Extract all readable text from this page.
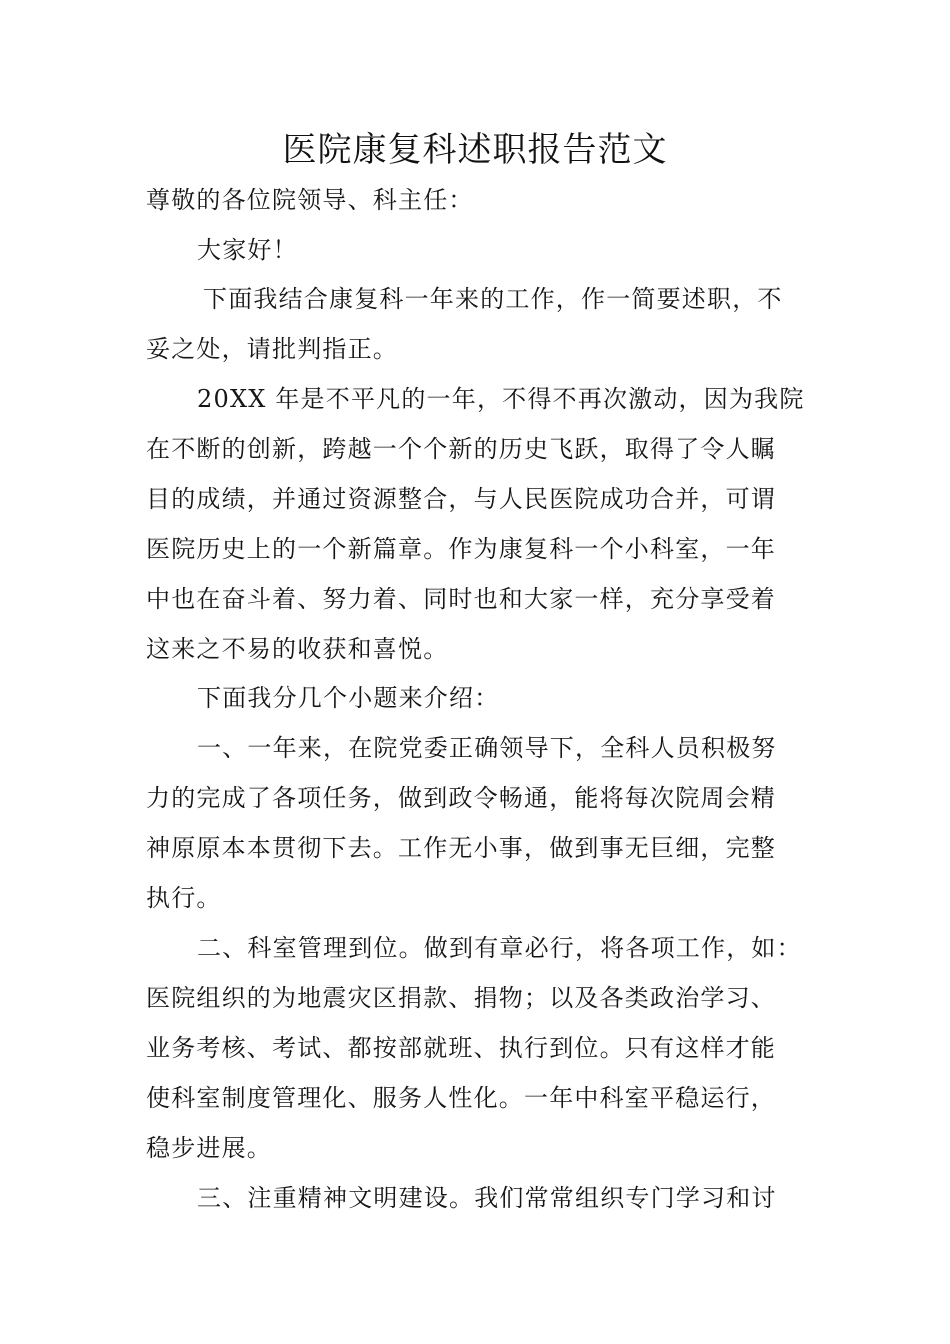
医院康复科述职报告范文
尊敬的各位院领导、科主任：
大家好！
下面我结合康复科一年来的工作，作一简要述职，不
妥之处，请批判指正。
20XX 年是不平凡的一年，不得不再次激动，因为我院
在不断的创新，跨越一个个新的历史飞跃，取得了令人瞩
目的成绩，并通过资源整合，与人民医院成功合并，可谓
医院历史上的一个新篇章。作为康复科一个小科室，一年
中也在奋斗着、努力着、同时也和大家一样，充分享受着
这来之不易的收获和喜悦。
下面我分几个小题来介绍：
一、一年来，在院党委正确领导下，全科人员积极努
力的完成了各项任务，做到政令畅通，能将每次院周会精
神原原本本贯彻下去。工作无小事，做到事无巨细，完整
执行。
二、科室管理到位。做到有章必行，将各项工作，如：
医院组织的为地震灾区捐款、捐物；以及各类政治学习、
业务考核、考试、都按部就班、执行到位。只有这样才能
使科室制度管理化、服务人性化。一年中科室平稳运行，
稳步进展。
三、注重精神文明建设。我们常常组织专门学习和讨
